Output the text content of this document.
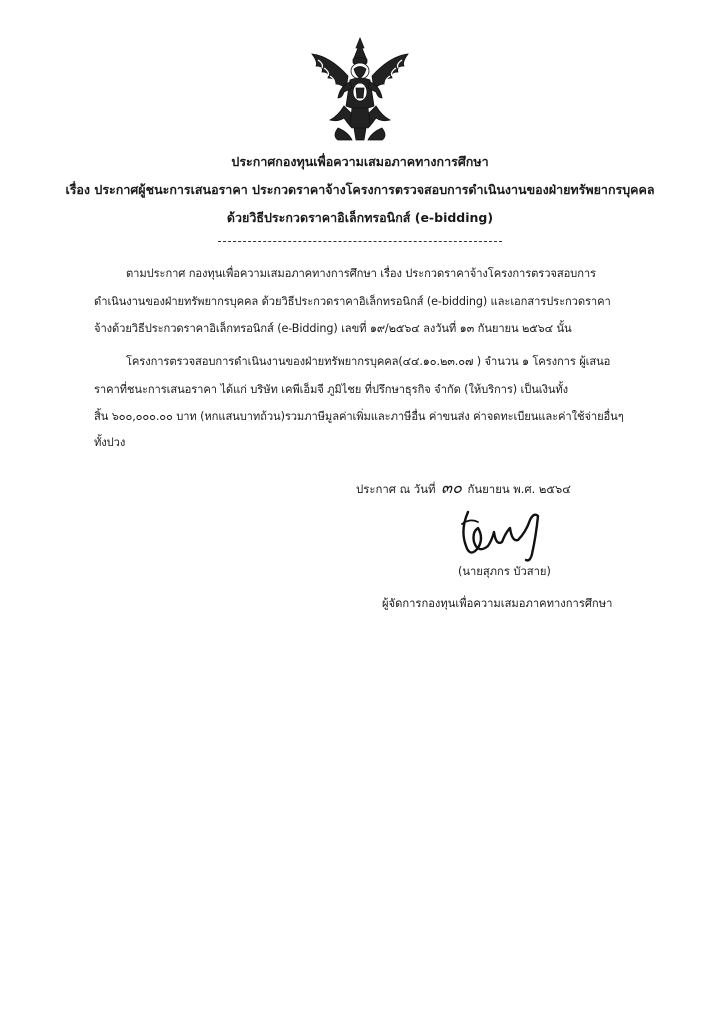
ประกาศกองทุนเพื่อความเสมอภาคทางการศึกษา
เรื่อง ประกาศผู้ชนะการเสนอราคา ประกวดราคาจ้างโครงการตรวจสอบการดำเนินงานของฝ่ายทรัพยากรบุคคล
ด้วยวิธีประกวดราคาอิเล็กทรอนิกส์ (e-bidding)
ตามประกาศ กองทุนเพื่อความเสมอภาคทางการศึกษา เรื่อง ประกวดราคาจ้างโครงการตรวจสอบการ
ดำเนินงานของฝ่ายทรัพยากรบุคคล ด้วยวิธีประกวดราคาอิเล็กทรอนิกส์ (e-bidding) และเอกสารประกวดราคา
จ้างด้วยวิธีประกวดราคาอิเล็กทรอนิกส์ (e-Bidding) เลขที่ ๑๙/๒๕๖๔ ลงวันที่ ๑๓ กันยายน ๒๕๖๔ นั้น
โครงการตรวจสอบการดำเนินงานของฝ่ายทรัพยากรบุคคล(๔๔.๑๐.๒๓.๐๗ ) จำนวน ๑ โครงการ ผู้เสนอ
ราคาที่ชนะการเสนอราคา ได้แก่ บริษัท เคพีเอ็มจี ภูมิไชย ที่ปรึกษาธุรกิจ จำกัด (ให้บริการ) เป็นเงินทั้ง
สิ้น ๖๐๐,๐๐๐.๐๐ บาท (หกแสนบาทถ้วน)รวมภาษีมูลค่าเพิ่มและภาษีอื่น ค่าขนส่ง ค่าจดทะเบียนและค่าใช้จ่ายอื่นๆ
ทั้งปวง
ประกาศ ณ วันที่ ๓๐ กันยายน พ.ศ. ๒๕๖๔
(นายสุภกร บัวสาย)
ผู้จัดการกองทุนเพื่อความเสมอภาคทางการศึกษา
